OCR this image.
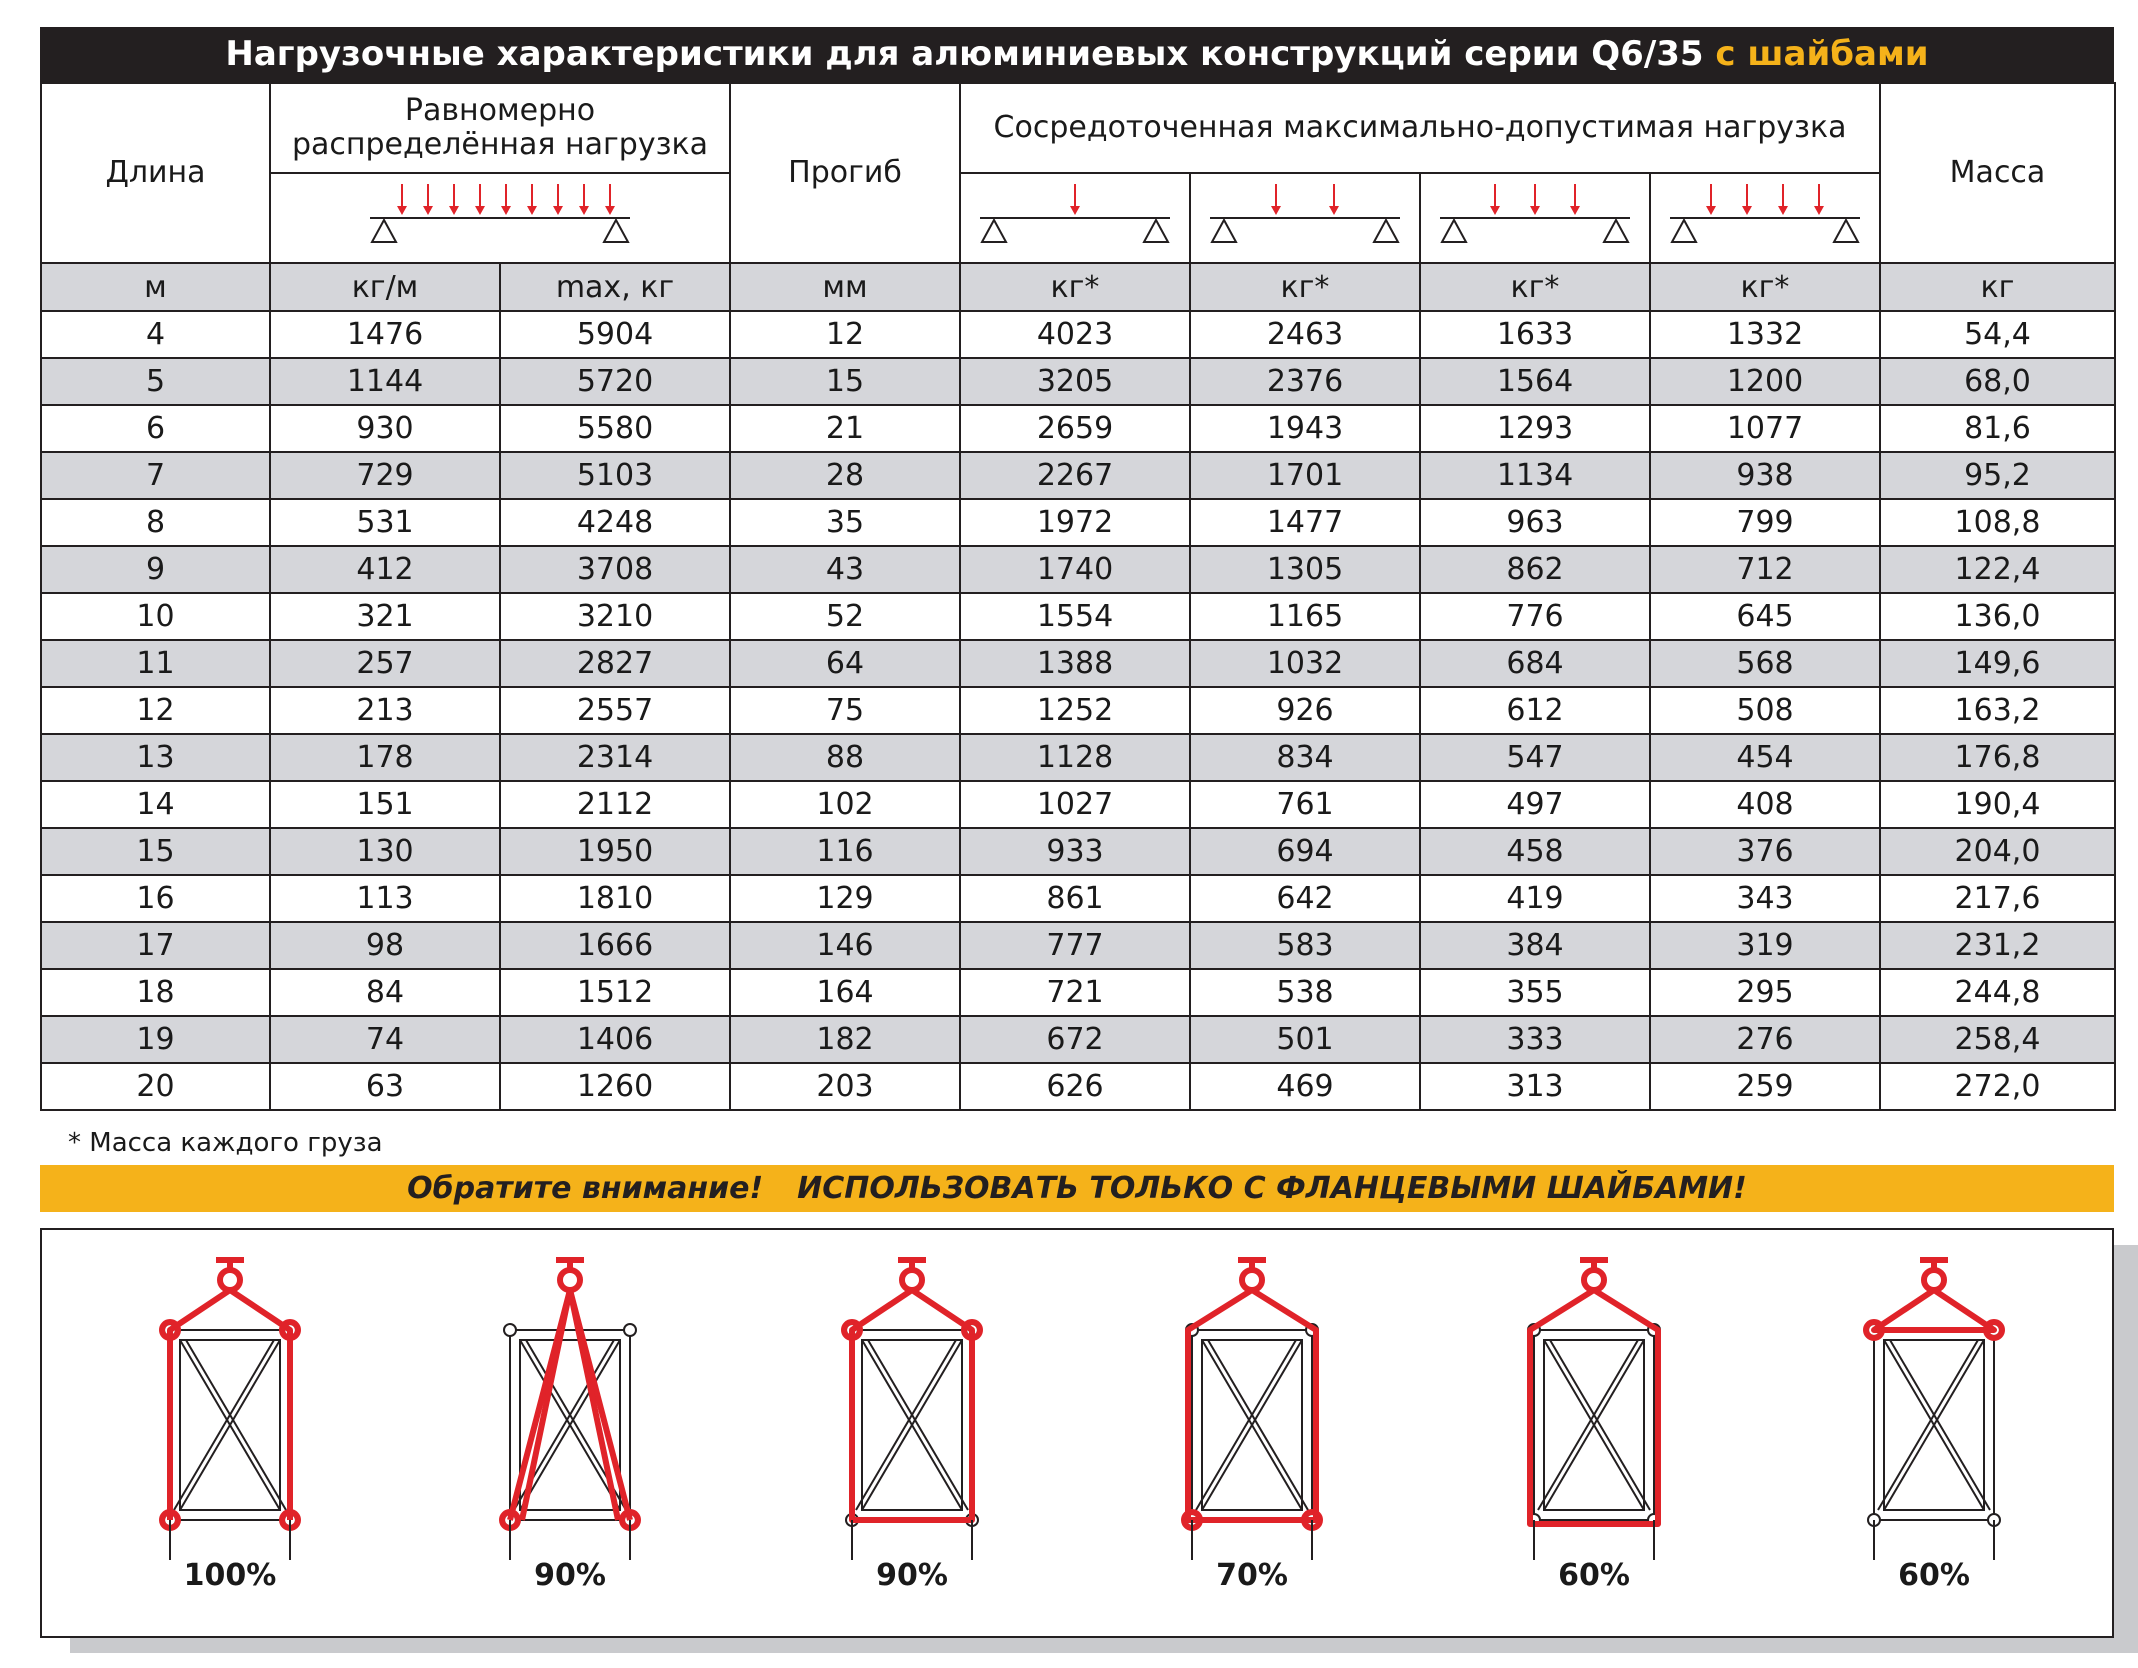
Нагрузочные характеристики для алюминиевых конструкций серии Q6/35 с шайбами
Длина	Равномерно распределённая нагрузка		Прогиб	Сосредоточенная максимально-допустимая нагрузка				Масса

м	кг/м	max, кг	мм	кг*	кг*	кг*	кг*	кг
4	1476	5904	12	4023	2463	1633	1332	54,4
5	1144	5720	15	3205	2376	1564	1200	68,0
6	930	5580	21	2659	1943	1293	1077	81,6
7	729	5103	28	2267	1701	1134	938	95,2
8	531	4248	35	1972	1477	963	799	108,8
9	412	3708	43	1740	1305	862	712	122,4
10	321	3210	52	1554	1165	776	645	136,0
11	257	2827	64	1388	1032	684	568	149,6
12	213	2557	75	1252	926	612	508	163,2
13	178	2314	88	1128	834	547	454	176,8
14	151	2112	102	1027	761	497	408	190,4
15	130	1950	116	933	694	458	376	204,0
16	113	1810	129	861	642	419	343	217,6
17	98	1666	146	777	583	384	319	231,2
18	84	1512	164	721	538	355	295	244,8
19	74	1406	182	672	501	333	276	258,4
20	63	1260	203	626	469	313	259	272,0
* Масса каждого груза
Обратите внимание! ИСПОЛЬЗОВАТЬ ТОЛЬКО С ФЛАНЦЕВЫМИ ШАЙБАМИ!
100%	90%	90%	70%	60%	60%
